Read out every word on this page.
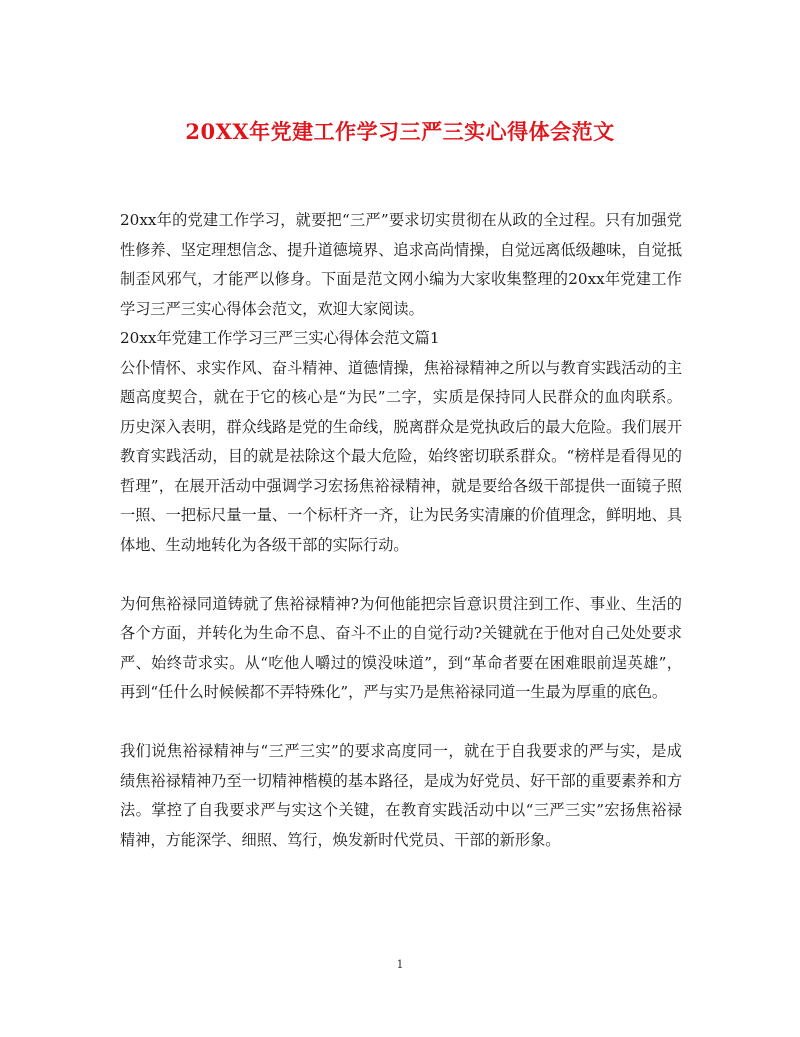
20XX年党建工作学习三严三实心得体会范文

20xx年的党建工作学习，就要把“三严”要求切实贯彻在从政的全过程。只有加强党性修养、坚定理想信念、提升道德境界、追求高尚情操，自觉远离低级趣味，自觉抵制歪风邪气，才能严以修身。下面是范文网小编为大家收集整理的20xx年党建工作学习三严三实心得体会范文，欢迎大家阅读。

20xx年党建工作学习三严三实心得体会范文篇1

公仆情怀、求实作风、奋斗精神、道德情操，焦裕禄精神之所以与教育实践活动的主题高度契合，就在于它的核心是“为民”二字，实质是保持同人民群众的血肉联系。历史深入表明，群众线路是党的生命线，脱离群众是党执政后的最大危险。我们展开教育实践活动，目的就是祛除这个最大危险，始终密切联系群众。“榜样是看得见的哲理”，在展开活动中强调学习宏扬焦裕禄精神，就是要给各级干部提供一面镜子照一照、一把标尺量一量、一个标杆齐一齐，让为民务实清廉的价值理念，鲜明地、具体地、生动地转化为各级干部的实际行动。

为何焦裕禄同道铸就了焦裕禄精神?为何他能把宗旨意识贯注到工作、事业、生活的各个方面，并转化为生命不息、奋斗不止的自觉行动?关键就在于他对自己处处要求严、始终苛求实。从“吃他人嚼过的馍没味道”，到“革命者要在困难眼前逞英雄”，再到“任什么时候候都不弄特殊化”，严与实乃是焦裕禄同道一生最为厚重的底色。

我们说焦裕禄精神与“三严三实”的要求高度同一，就在于自我要求的严与实，是成绩焦裕禄精神乃至一切精神楷模的基本路径，是成为好党员、好干部的重要素养和方法。掌控了自我要求严与实这个关键，在教育实践活动中以“三严三实”宏扬焦裕禄精神，方能深学、细照、笃行，焕发新时代党员、干部的新形象。

1
